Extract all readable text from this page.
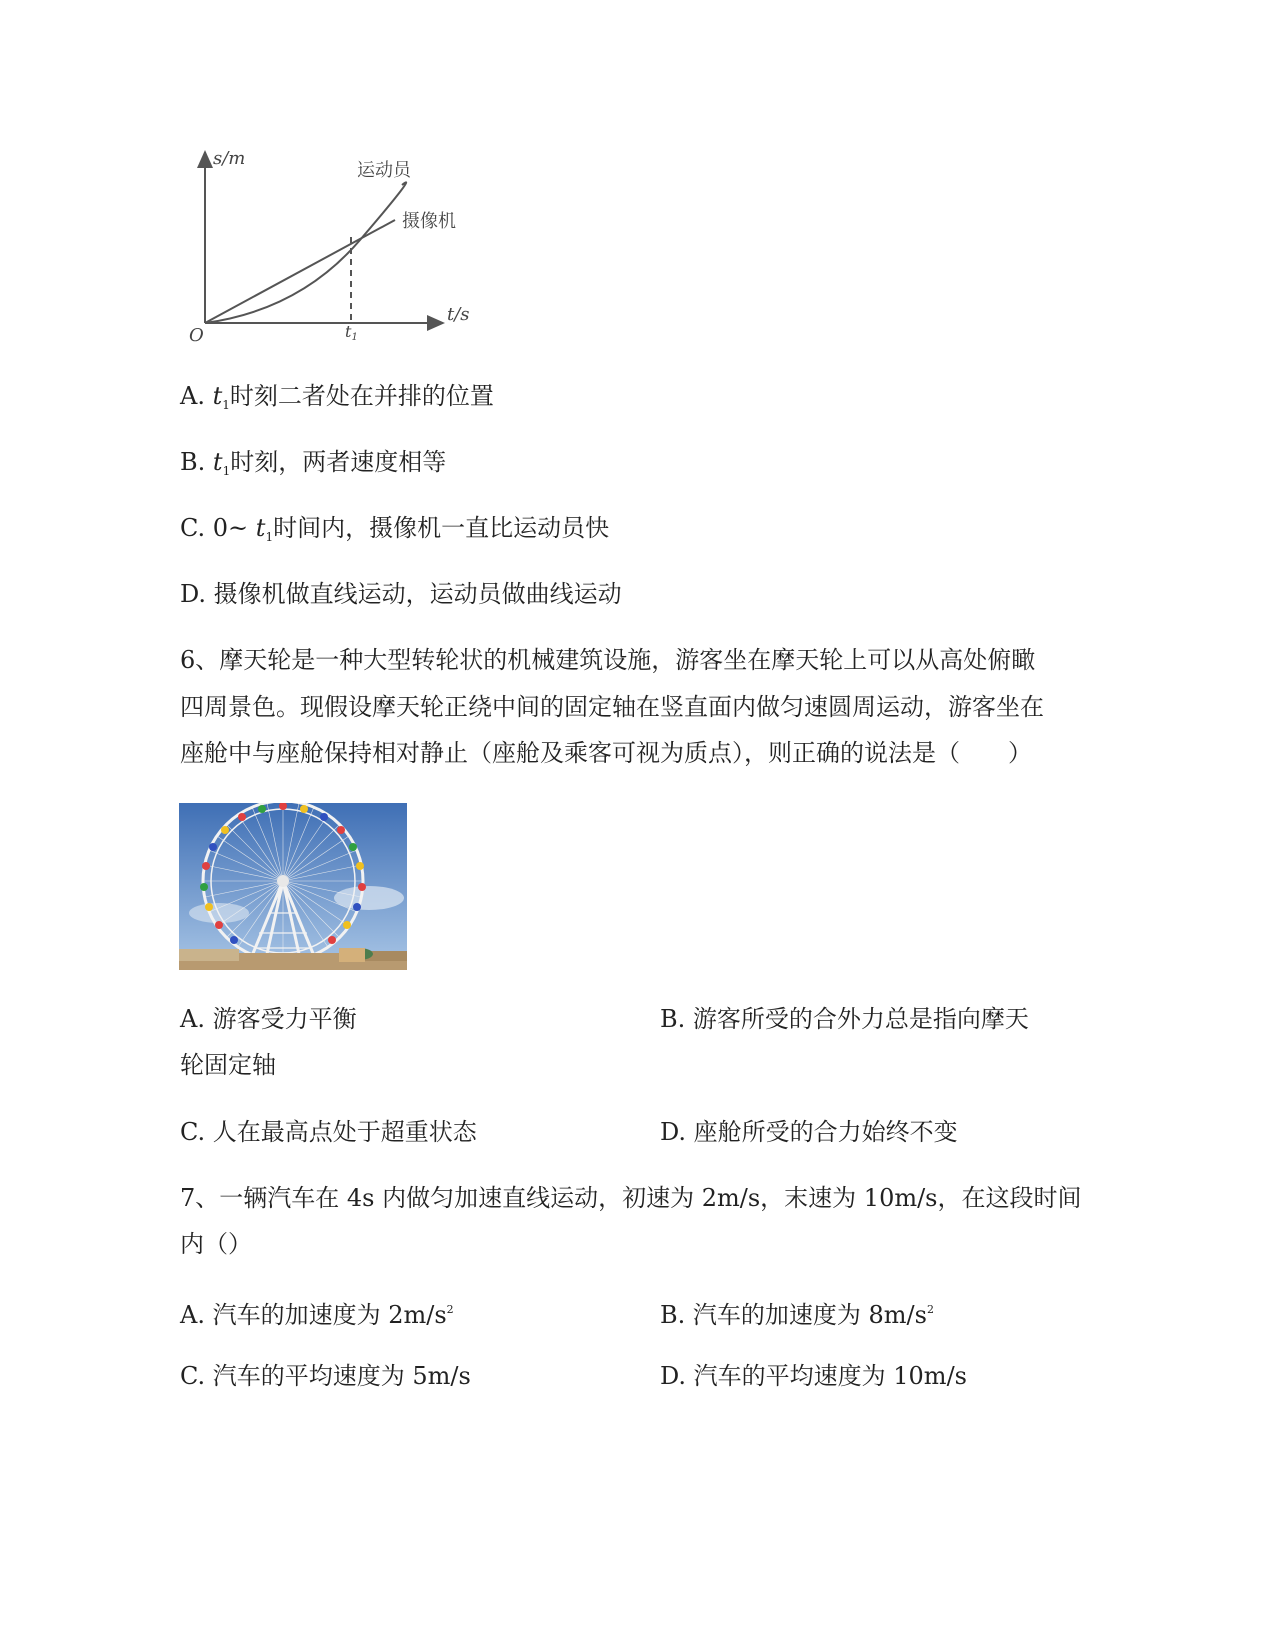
s/m
t/s
O	t1
运动员
摄像机
A. $t_1$时刻二者处在并排的位置
B. $t_1$时刻，两者速度相等
C. 0~ $t_1$时间内，摄像机一直比运动员快
D. 摄像机做直线运动，运动员做曲线运动
6、摩天轮是一种大型转轮状的机械建筑设施，游客坐在摩天轮上可以从高处俯瞰
四周景色。现假设摩天轮正绕中间的固定轴在竖直面内做匀速圆周运动，游客坐在
座舱中与座舱保持相对静止（座舱及乘客可视为质点），则正确的说法是（　　）
A. 游客受力平衡	B. 游客所受的合外力总是指向摩天
轮固定轴
C. 人在最高点处于超重状态	D. 座舱所受的合力始终不变
7、一辆汽车在 4s 内做匀加速直线运动，初速为 2m/s，末速为 10m/s，在这段时间
内（）
A. 汽车的加速度为 $2m/s^2$	B. 汽车的加速度为 $8m/s^2$
C. 汽车的平均速度为 5m/s	D. 汽车的平均速度为 10m/s
